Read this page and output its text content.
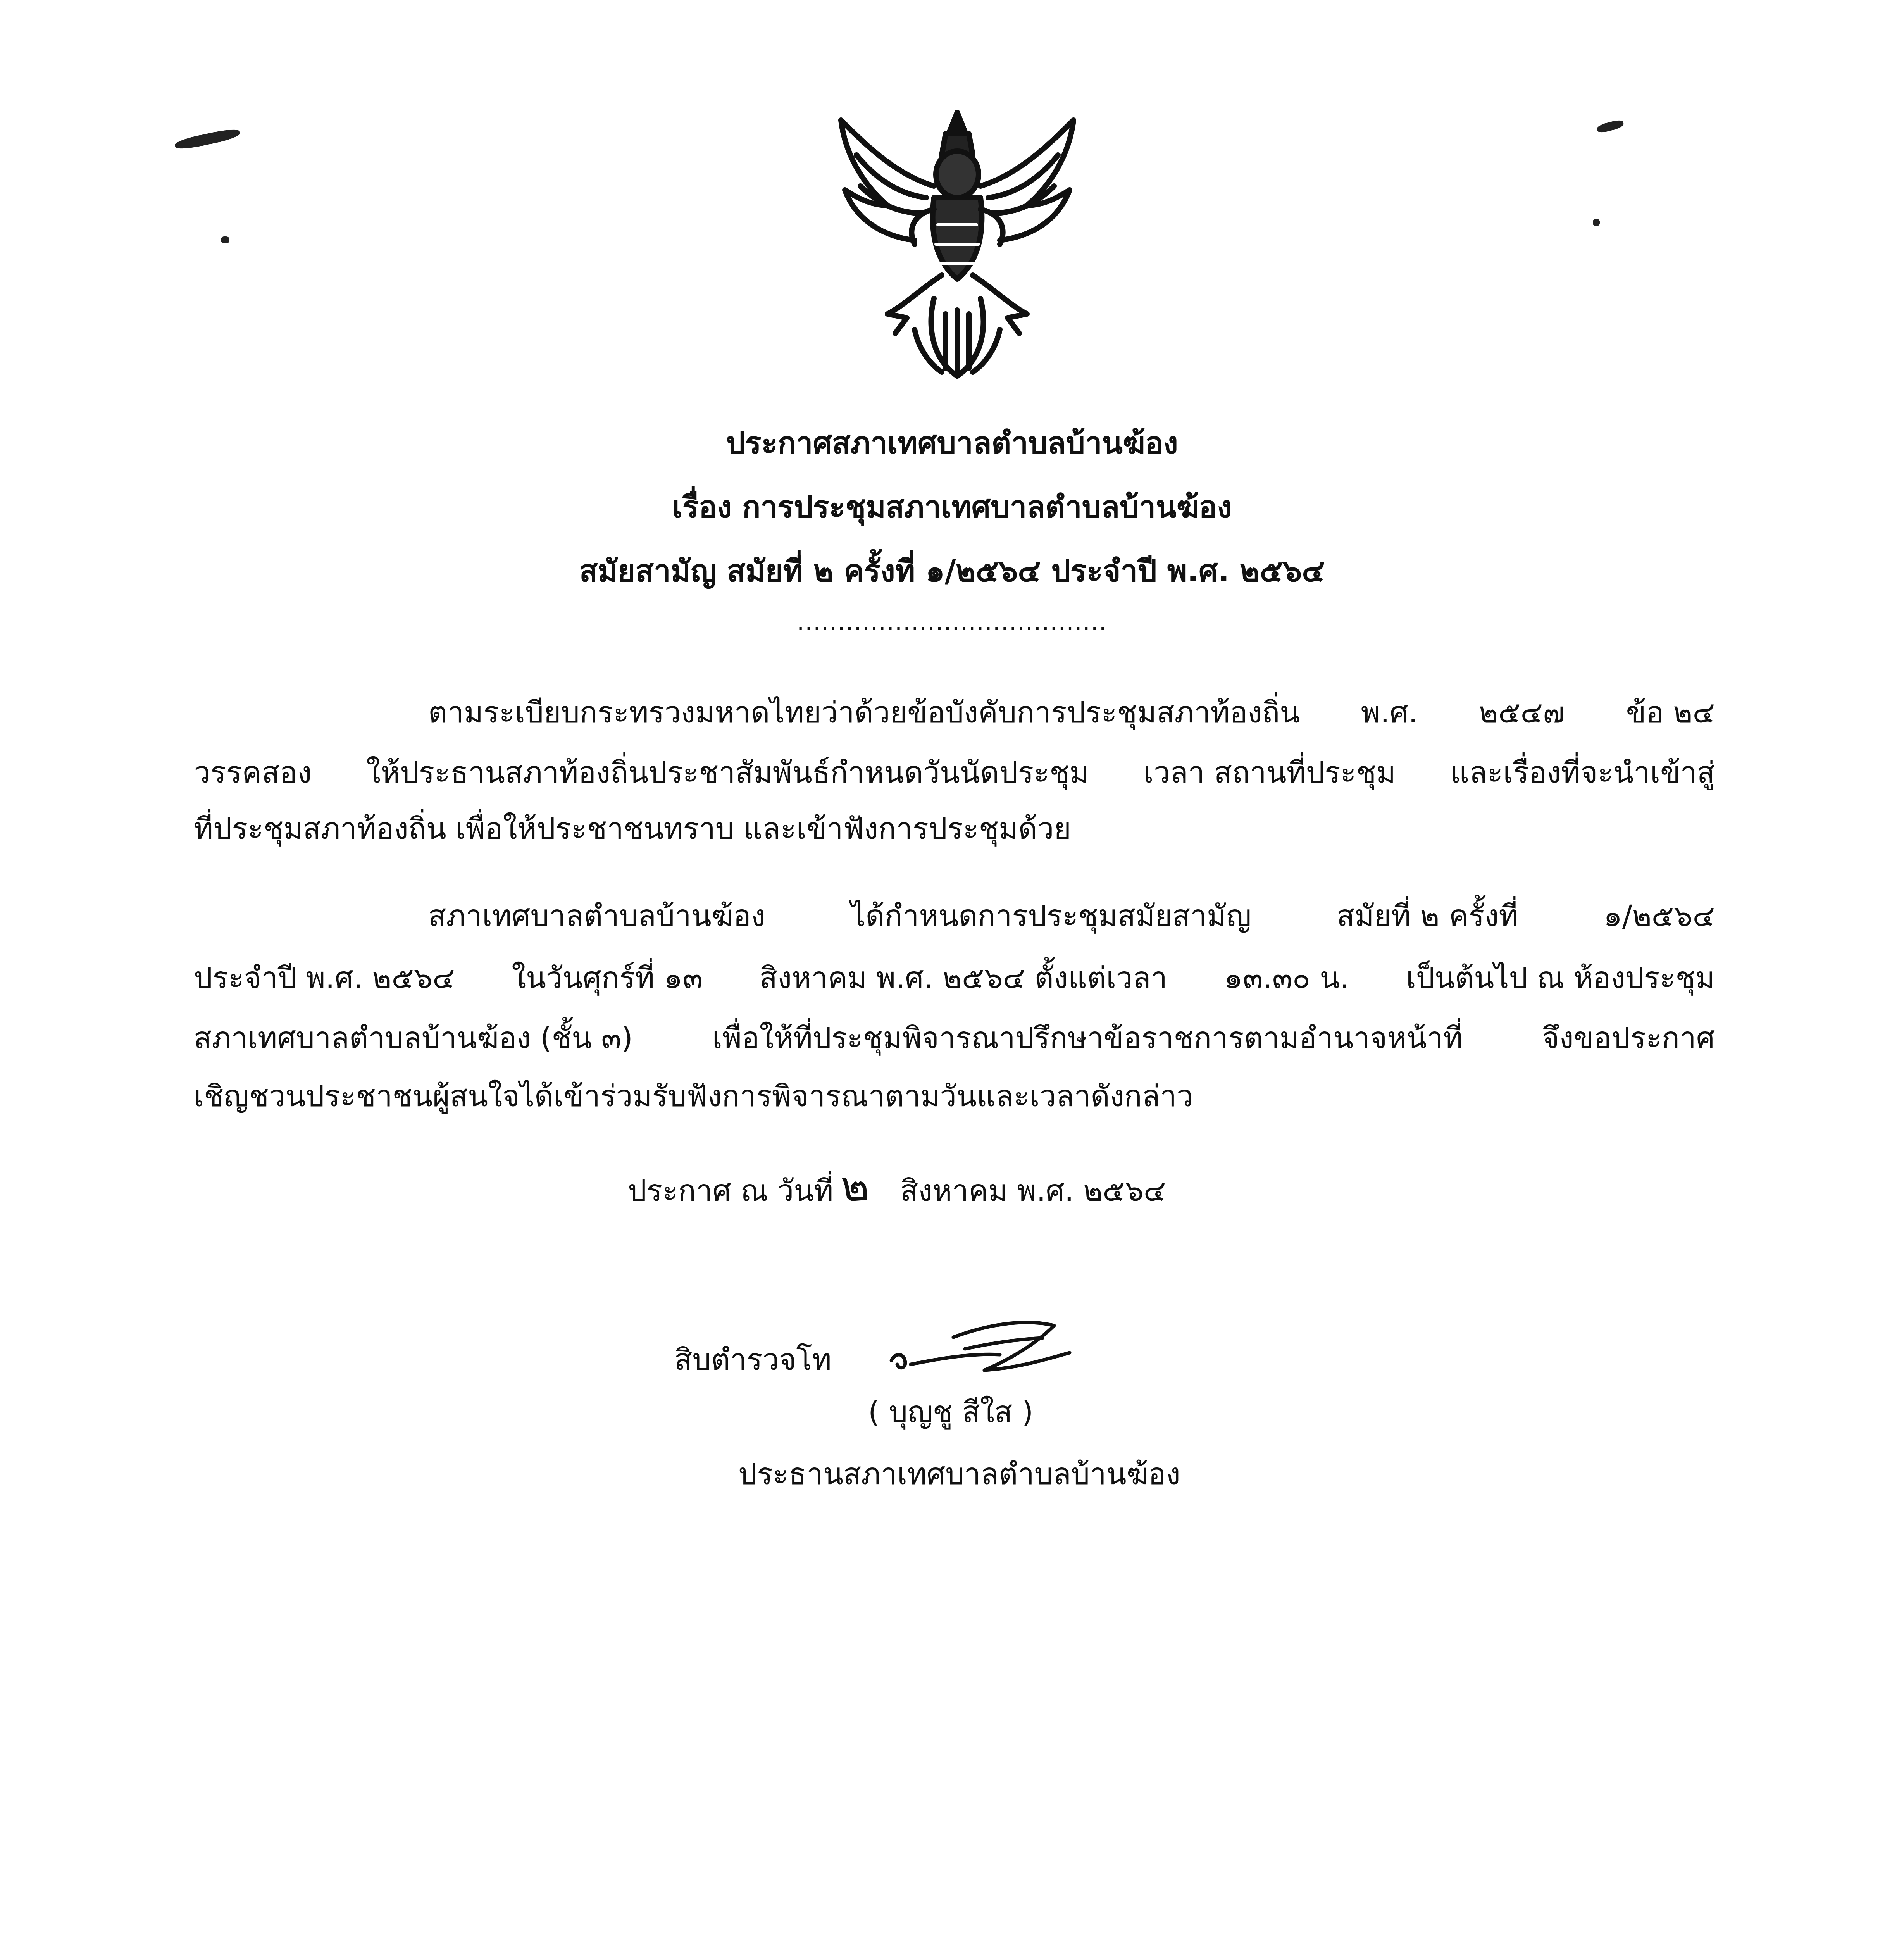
ประกาศสภาเทศบาลตำบลบ้านฆ้อง
เรื่อง การประชุมสภาเทศบาลตำบลบ้านฆ้อง
สมัยสามัญ สมัยที่ ๒ ครั้งที่ ๑/๒๕๖๔ ประจำปี พ.ศ. ๒๕๖๔
......................................
ตามระเบียบกระทรวงมหาดไทยว่าด้วยข้อบังคับการประชุมสภาท้องถิ่น พ.ศ. ๒๕๔๗ ข้อ ๒๔
วรรคสอง ให้ประธานสภาท้องถิ่นประชาสัมพันธ์กำหนดวันนัดประชุม เวลา สถานที่ประชุม และเรื่องที่จะนำเข้าสู่
ที่ประชุมสภาท้องถิ่น เพื่อให้ประชาชนทราบ และเข้าฟังการประชุมด้วย
สภาเทศบาลตำบลบ้านฆ้อง	ได้กำหนดการประชุมสมัยสามัญ	สมัยที่ ๒ ครั้งที่	๑/๒๕๖๔
ประจำปี พ.ศ. ๒๕๖๔ ในวันศุกร์ที่ ๑๓ สิงหาคม พ.ศ. ๒๕๖๔ ตั้งแต่เวลา ๑๓.๓๐ น. เป็นต้นไป ณ ห้องประชุม
สภาเทศบาลตำบลบ้านฆ้อง (ชั้น ๓)	เพื่อให้ที่ประชุมพิจารณาปรึกษาข้อราชการตามอำนาจหน้าที่	จึงขอประกาศ
เชิญชวนประชาชนผู้สนใจได้เข้าร่วมรับฟังการพิจารณาตามวันและเวลาดังกล่าว
ประกาศ ณ วันที่ ๒ สิงหาคม พ.ศ. ๒๕๖๔
สิบตำรวจโท
( บุญชู สีใส )
ประธานสภาเทศบาลตำบลบ้านฆ้อง
